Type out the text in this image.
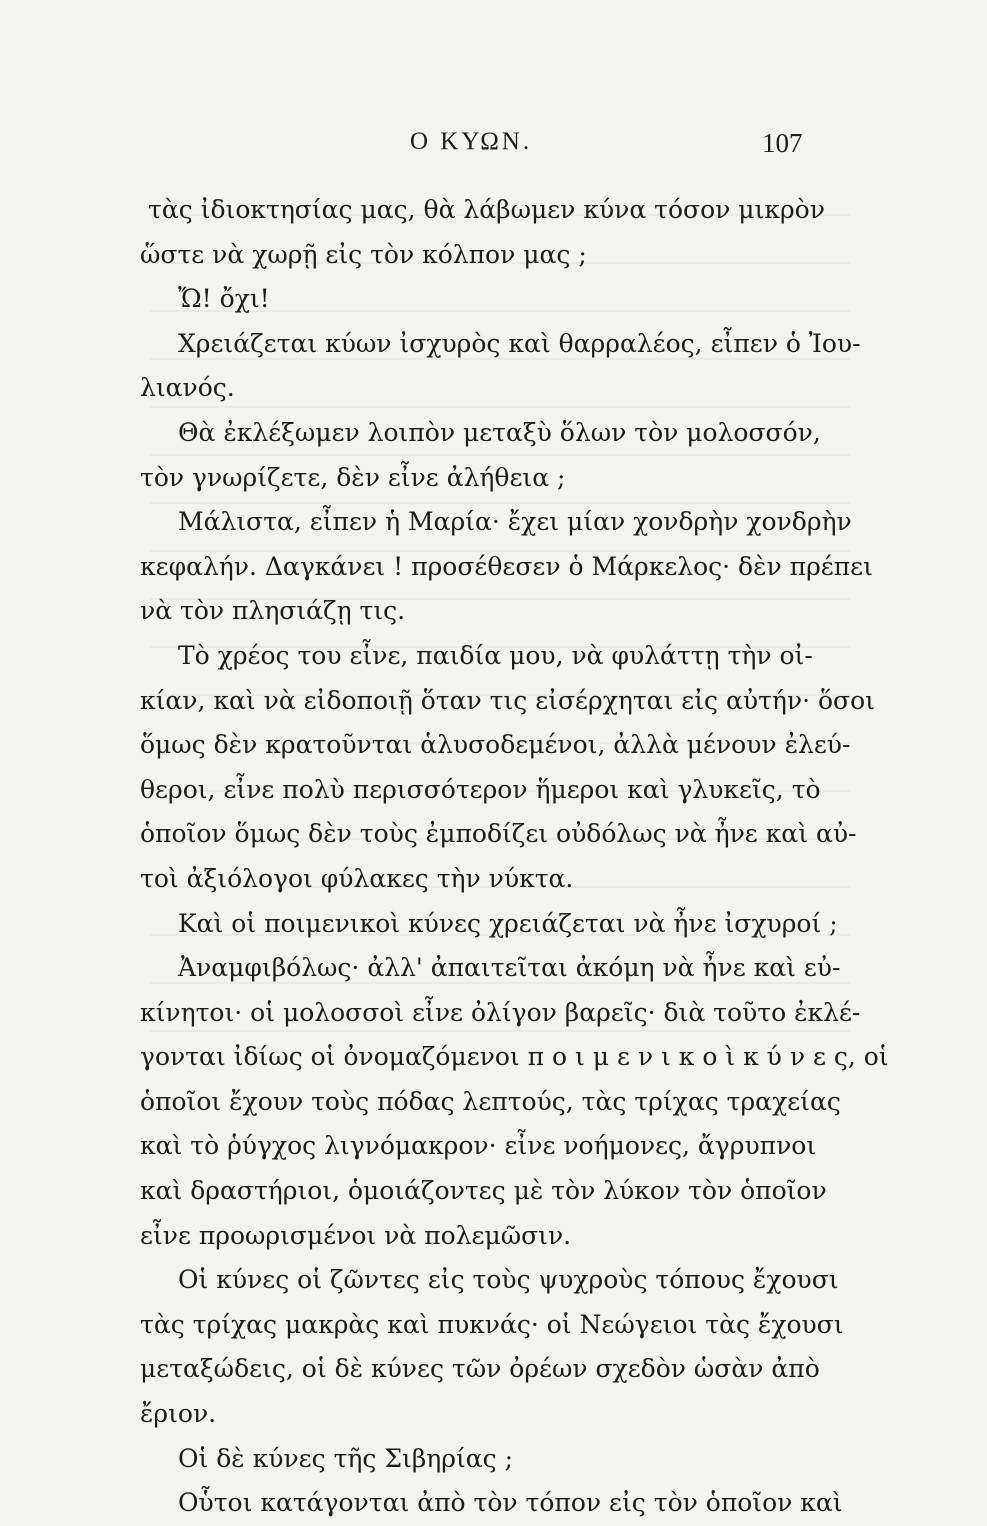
Ο ΚΥΩΝ.	107
τὰς ἰδιοκτησίας μας, θὰ λάβωμεν κύνα τόσον μικρὸν
ὥστε νὰ χωρῇ εἰς τὸν κόλπον μας ;
Ὤ! ὄχι!
Χρειάζεται κύων ἰσχυρὸς καὶ θαρραλέος, εἶπεν ὁ Ἰου-
λιανός.
Θὰ ἐκλέξωμεν λοιπὸν μεταξὺ ὅλων τὸν μολοσσόν,
τὸν γνωρίζετε, δὲν εἶνε ἀλήθεια ;
Μάλιστα, εἶπεν ἡ Μαρία· ἔχει μίαν χονδρὴν χονδρὴν
κεφαλήν. Δαγκάνει ! προσέθεσεν ὁ Μάρκελος· δὲν πρέπει
νὰ τὸν πλησιάζῃ τις.
Τὸ χρέος του εἶνε, παιδία μου, νὰ φυλάττῃ τὴν οἰ-
κίαν, καὶ νὰ εἰδοποιῇ ὅταν τις εἰσέρχηται εἰς αὐτήν· ὅσοι
ὅμως δὲν κρατοῦνται ἁλυσοδεμένοι, ἀλλὰ μένουν ἐλεύ-
θεροι, εἶνε πολὺ περισσότερον ἥμεροι καὶ γλυκεῖς, τὸ
ὁποῖον ὅμως δὲν τοὺς ἐμποδίζει οὐδόλως νὰ ἦνε καὶ αὐ-
τοὶ ἀξιόλογοι φύλακες τὴν νύκτα.
Καὶ οἱ ποιμενικοὶ κύνες χρειάζεται νὰ ἦνε ἰσχυροί ;
Ἀναμφιβόλως· ἀλλ' ἀπαιτεῖται ἀκόμη νὰ ἦνε καὶ εὐ-
κίνητοι· οἱ μολοσσοὶ εἶνε ὀλίγον βαρεῖς· διὰ τοῦτο ἐκλέ-
γονται ἰδίως οἱ ὀνομαζόμενοι π ο ι μ ε ν ι κ ο ὶ κ ύ ν ε ς, οἱ
ὁποῖοι ἔχουν τοὺς πόδας λεπτούς, τὰς τρίχας τραχείας
καὶ τὸ ῥύγχος λιγνόμακρον· εἶνε νοήμονες, ἄγρυπνοι
καὶ δραστήριοι, ὁμοιάζοντες μὲ τὸν λύκον τὸν ὁποῖον
εἶνε προωρισμένοι νὰ πολεμῶσιν.
Οἱ κύνες οἱ ζῶντες εἰς τοὺς ψυχροὺς τόπους ἔχουσι
τὰς τρίχας μακρὰς καὶ πυκνάς· οἱ Νεώγειοι τὰς ἔχουσι
μεταξώδεις, οἱ δὲ κύνες τῶν ὀρέων σχεδὸν ὡσὰν ἀπὸ
ἔριον.
Οἱ δὲ κύνες τῆς Σιβηρίας ;
Οὗτοι κατάγονται ἀπὸ τὸν τόπον εἰς τὸν ὁποῖον καὶ
